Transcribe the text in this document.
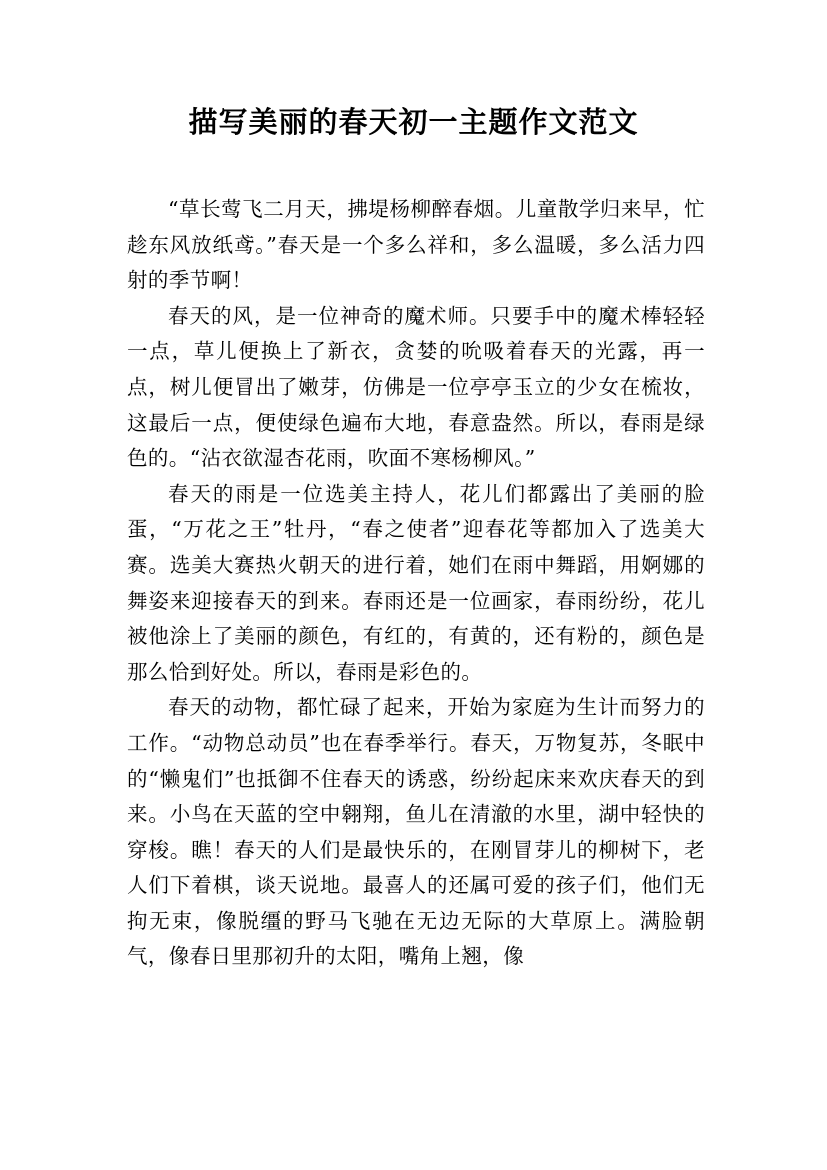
描写美丽的春天初一主题作文范文

“草长莺飞二月天，拂堤杨柳醉春烟。儿童散学归来早，忙趁东风放纸鸢。”春天是一个多么祥和，多么温暖，多么活力四射的季节啊！

春天的风，是一位神奇的魔术师。只要手中的魔术棒轻轻一点，草儿便换上了新衣，贪婪的吮吸着春天的光露，再一点，树儿便冒出了嫩芽，仿佛是一位亭亭玉立的少女在梳妆，这最后一点，便使绿色遍布大地，春意盎然。所以，春雨是绿色的。“沾衣欲湿杏花雨，吹面不寒杨柳风。”

春天的雨是一位选美主持人，花儿们都露出了美丽的脸蛋，“万花之王”牡丹，“春之使者”迎春花等都加入了选美大赛。选美大赛热火朝天的进行着，她们在雨中舞蹈，用婀娜的舞姿来迎接春天的到来。春雨还是一位画家，春雨纷纷，花儿被他涂上了美丽的颜色，有红的，有黄的，还有粉的，颜色是那么恰到好处。所以，春雨是彩色的。

春天的动物，都忙碌了起来，开始为家庭为生计而努力的工作。“动物总动员”也在春季举行。春天，万物复苏，冬眠中的“懒鬼们”也抵御不住春天的诱惑，纷纷起床来欢庆春天的到来。小鸟在天蓝的空中翱翔，鱼儿在清澈的水里，湖中轻快的穿梭。瞧！春天的人们是最快乐的，在刚冒芽儿的柳树下，老人们下着棋，谈天说地。最喜人的还属可爱的孩子们，他们无拘无束，像脱缰的野马飞驰在无边无际的大草原上。满脸朝气，像春日里那初升的太阳，嘴角上翘，像
